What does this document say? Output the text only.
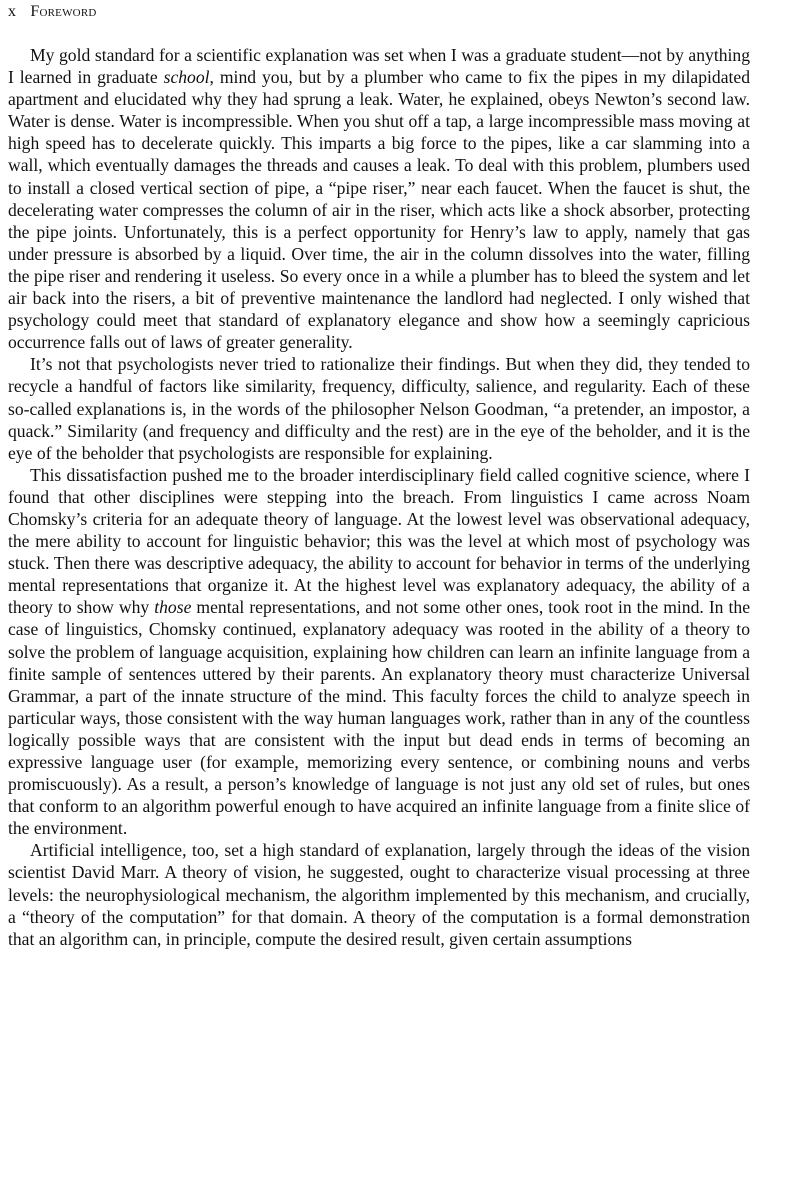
x Foreword

My gold standard for a scientific explanation was set when I was a graduate student—not by anything I learned in graduate school, mind you, but by a plumber who came to fix the pipes in my dilapidated apartment and elucidated why they had sprung a leak. Water, he explained, obeys Newton’s second law. Water is dense. Water is incompressible. When you shut off a tap, a large incompressible mass moving at high speed has to decelerate quickly. This imparts a big force to the pipes, like a car slamming into a wall, which eventually damages the threads and causes a leak. To deal with this problem, plumbers used to install a closed vertical section of pipe, a “pipe riser,” near each faucet. When the faucet is shut, the decelerating water compresses the column of air in the riser, which acts like a shock absorber, protecting the pipe joints. Unfortunately, this is a perfect opportunity for Henry’s law to apply, namely that gas under pressure is absorbed by a liquid. Over time, the air in the column dissolves into the water, filling the pipe riser and rendering it useless. So every once in a while a plumber has to bleed the system and let air back into the risers, a bit of preventive maintenance the landlord had neglected. I only wished that psychology could meet that standard of explanatory elegance and show how a seemingly capricious occurrence falls out of laws of greater generality.

It’s not that psychologists never tried to rationalize their findings. But when they did, they tended to recycle a handful of factors like similarity, frequency, difficulty, salience, and regularity. Each of these so-called explanations is, in the words of the philosopher Nelson Goodman, “a pretender, an impostor, a quack.” Similarity (and frequency and difficulty and the rest) are in the eye of the beholder, and it is the eye of the beholder that psychologists are responsible for explaining.

This dissatisfaction pushed me to the broader interdisciplinary field called cognitive science, where I found that other disciplines were stepping into the breach. From linguistics I came across Noam Chomsky’s criteria for an adequate theory of language. At the lowest level was observational adequacy, the mere ability to account for linguistic behavior; this was the level at which most of psychology was stuck. Then there was descriptive adequacy, the ability to account for behavior in terms of the underlying mental representations that organize it. At the highest level was explanatory adequacy, the ability of a theory to show why those mental representations, and not some other ones, took root in the mind. In the case of linguistics, Chomsky continued, explanatory adequacy was rooted in the ability of a theory to solve the problem of language acquisition, explaining how children can learn an infinite language from a finite sample of sentences uttered by their parents. An explanatory theory must characterize Universal Grammar, a part of the innate structure of the mind. This faculty forces the child to analyze speech in particular ways, those consistent with the way human languages work, rather than in any of the countless logically possible ways that are consistent with the input but dead ends in terms of becoming an expressive language user (for example, memorizing every sentence, or combining nouns and verbs promiscuously). As a result, a person’s knowledge of language is not just any old set of rules, but ones that conform to an algorithm powerful enough to have acquired an infinite language from a finite slice of the environment.

Artificial intelligence, too, set a high standard of explanation, largely through the ideas of the vision scientist David Marr. A theory of vision, he suggested, ought to characterize visual processing at three levels: the neurophysiological mechanism, the algorithm implemented by this mechanism, and crucially, a “theory of the computation” for that domain. A theory of the computation is a formal demonstration that an algorithm can, in principle, compute the desired result, given certain assumptions
